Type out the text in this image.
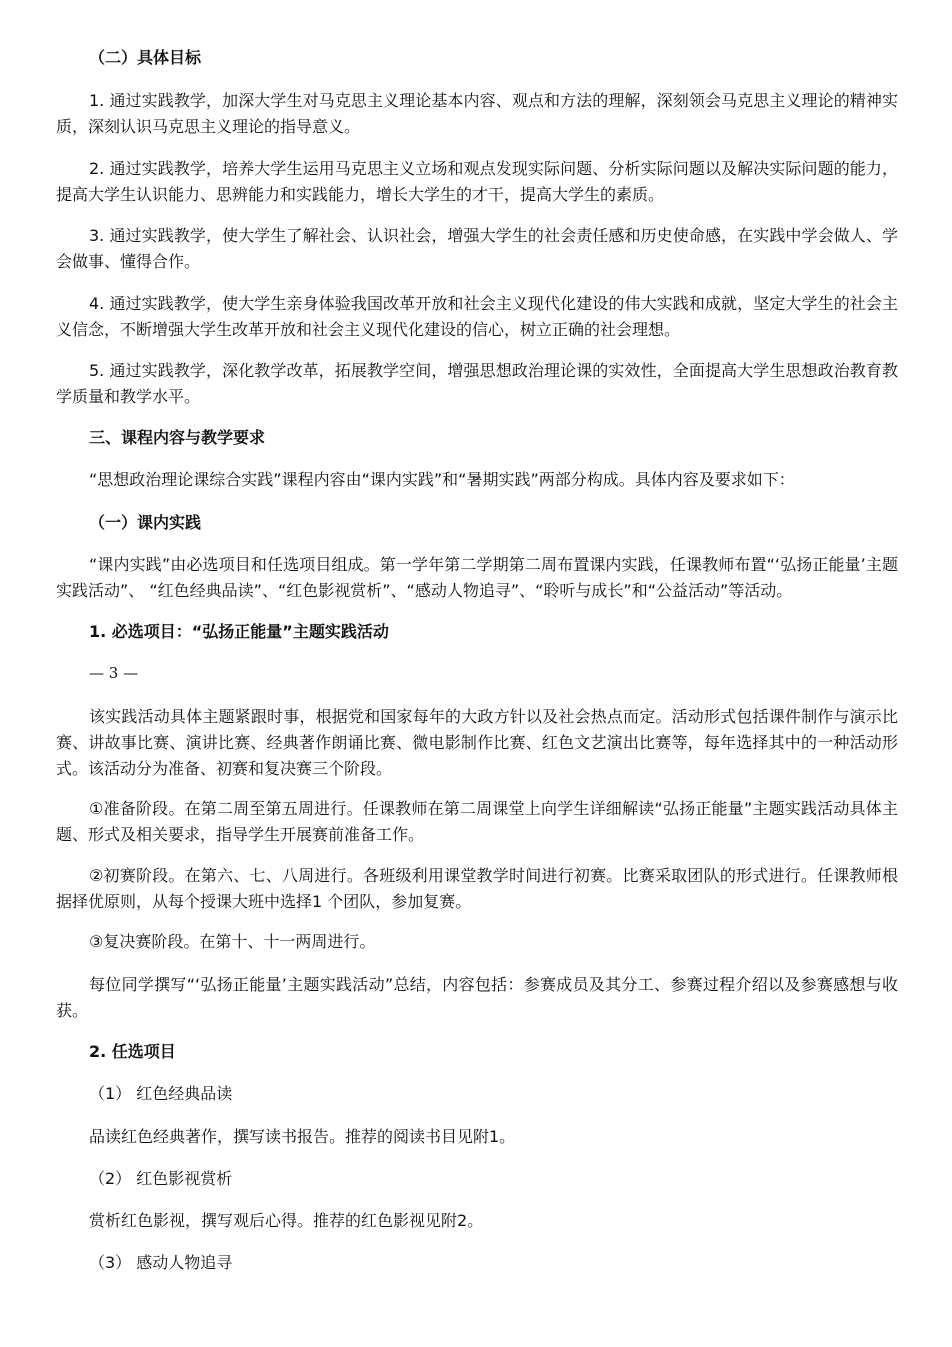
（二）具体目标

1. 通过实践教学，加深大学生对马克思主义理论基本内容、观点和方法的理解，深刻领会马克思主义理论的精神实质，深刻认识马克思主义理论的指导意义。

2. 通过实践教学，培养大学生运用马克思主义立场和观点发现实际问题、分析实际问题以及解决实际问题的能力，提高大学生认识能力、思辨能力和实践能力，增长大学生的才干，提高大学生的素质。

3. 通过实践教学，使大学生了解社会、认识社会，增强大学生的社会责任感和历史使命感，在实践中学会做人、学会做事、懂得合作。

4. 通过实践教学，使大学生亲身体验我国改革开放和社会主义现代化建设的伟大实践和成就，坚定大学生的社会主义信念，不断增强大学生改革开放和社会主义现代化建设的信心，树立正确的社会理想。

5. 通过实践教学，深化教学改革，拓展教学空间，增强思想政治理论课的实效性，全面提高大学生思想政治教育教学质量和教学水平。

三、课程内容与教学要求

“思想政治理论课综合实践”课程内容由“课内实践”和“暑期实践”两部分构成。具体内容及要求如下：

（一）课内实践

“课内实践”由必选项目和任选项目组成。第一学年第二学期第二周布置课内实践，任课教师布置“‘弘扬正能量’主题实践活动”、 “红色经典品读”、“红色影视赏析”、“感动人物追寻”、“聆听与成长”和“公益活动”等活动。

1. 必选项目：“弘扬正能量”主题实践活动

— 3 —

该实践活动具体主题紧跟时事，根据党和国家每年的大政方针以及社会热点而定。活动形式包括课件制作与演示比赛、讲故事比赛、演讲比赛、经典著作朗诵比赛、微电影制作比赛、红色文艺演出比赛等，每年选择其中的一种活动形式。该活动分为准备、初赛和复决赛三个阶段。

①准备阶段。在第二周至第五周进行。任课教师在第二周课堂上向学生详细解读“弘扬正能量”主题实践活动具体主题、形式及相关要求，指导学生开展赛前准备工作。

②初赛阶段。在第六、七、八周进行。各班级利用课堂教学时间进行初赛。比赛采取团队的形式进行。任课教师根据择优原则，从每个授课大班中选择1 个团队，参加复赛。

③复决赛阶段。在第十、十一两周进行。

每位同学撰写“‘弘扬正能量’主题实践活动”总结，内容包括：参赛成员及其分工、参赛过程介绍以及参赛感想与收获。

2. 任选项目

（1） 红色经典品读

品读红色经典著作，撰写读书报告。推荐的阅读书目见附1。

（2） 红色影视赏析

赏析红色影视，撰写观后心得。推荐的红色影视见附2。

（3） 感动人物追寻
